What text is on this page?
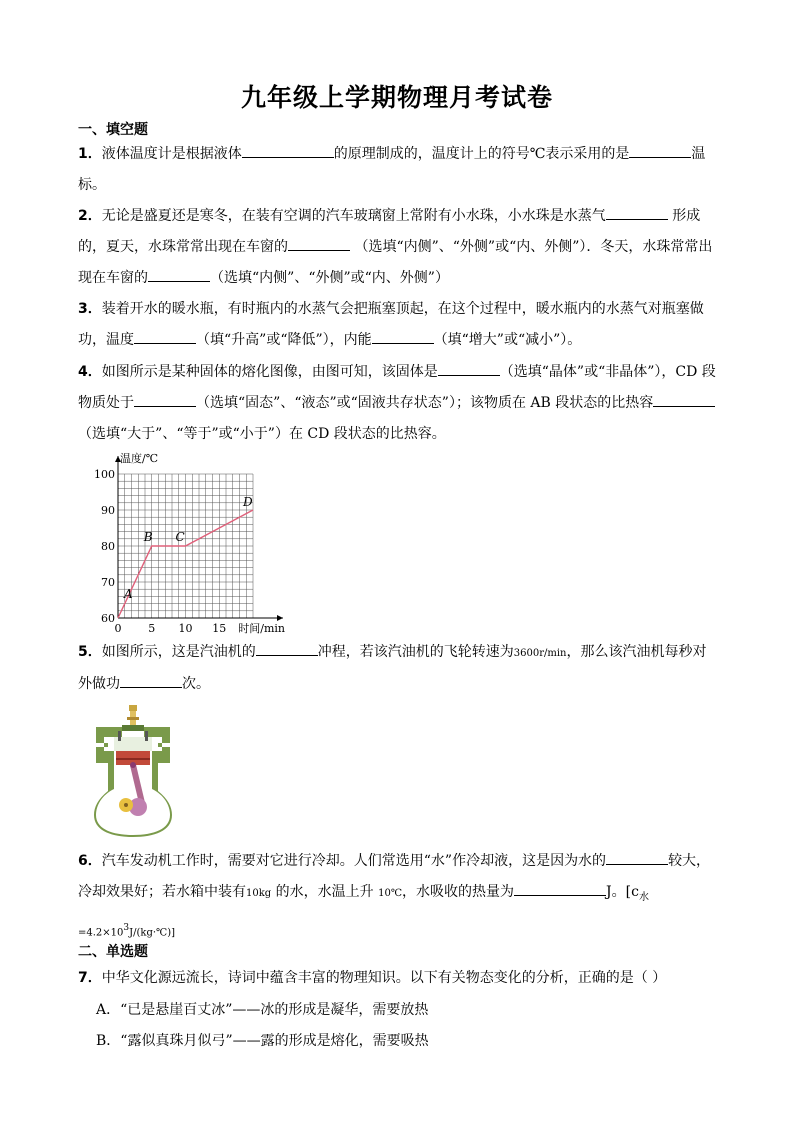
九年级上学期物理月考试卷
一、填空题
1．液体温度计是根据液体	的原理制成的，温度计上的符号℃表示采用的是	温
标。
2．无论是盛夏还是寒冬，在装有空调的汽车玻璃窗上常附有小水珠，小水珠是水蒸气	形成
的，夏天，水珠常常出现在车窗的	（选填“内侧”、“外侧”或“内、外侧”）．冬天，水珠常常出
现在车窗的	（选填“内侧”、“外侧”或“内、外侧”）
3．装着开水的暖水瓶，有时瓶内的水蒸气会把瓶塞顶起，在这个过程中，暖水瓶内的水蒸气对瓶塞做
功，温度	（填“升高”或“降低”），内能	（填“增大”或“减小”）。
4．如图所示是某种固体的熔化图像，由图可知，该固体是	（选填“晶体”或“非晶体”），CD 段
物质处于	（选填“固态”、“液态”或“固液共存状态”）；该物质在 AB 段状态的比热容
（选填“大于”、“等于”或“小于”）在 CD 段状态的比热容。
60
70
80
90
100
0 5 10 15
温度/℃
时间/min
A
B C
D
5．如图所示，这是汽油机的	冲程，若该汽油机的飞轮转速为3600r/min，那么该汽油机每秒对
外做功	次。
6．汽车发动机工作时，需要对它进行冷却。人们常选用“水”作冷却液，这是因为水的	较大，
冷却效果好；若水箱中装有10kg 的水，水温上升 10℃，水吸收的热量为	J。[$c_水$
$=4.2\times 10^3J/(kg\cdot℃)$]
二、单选题
7．中华文化源远流长，诗词中蕴含丰富的物理知识。以下有关物态变化的分析，正确的是（ ）
A．“已是悬崖百丈冰”——冰的形成是凝华，需要放热
B．“露似真珠月似弓”——露的形成是熔化，需要吸热
